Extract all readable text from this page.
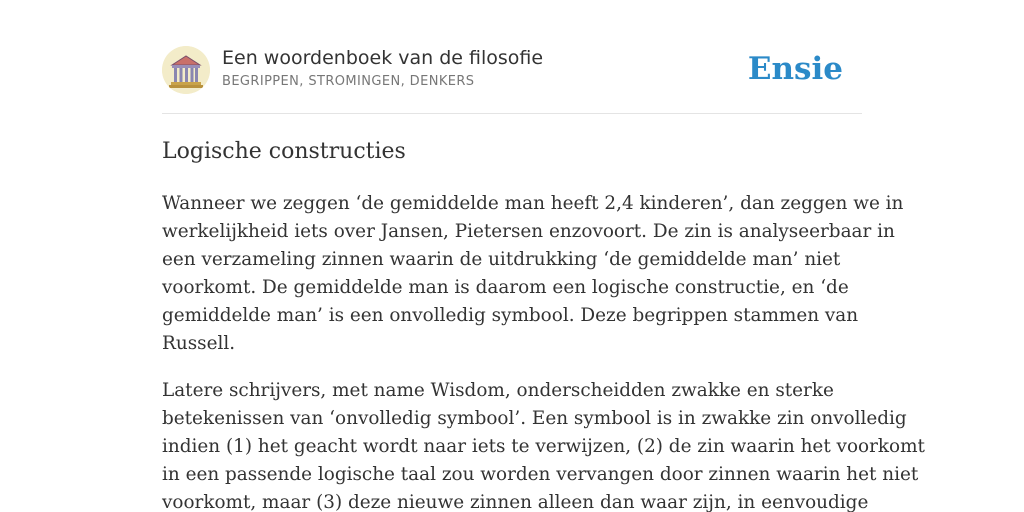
Een woordenboek van de filosofie
BEGRIPPEN, STROMINGEN, DENKERS	Ensie
Logische constructies

Wanneer we zeggen ‘de gemiddelde man heeft 2,4 kinderen’, dan zeggen we in
werkelijkheid iets over Jansen, Pietersen enzovoort. De zin is analyseerbaar in
een verzameling zinnen waarin de uitdrukking ‘de gemiddelde man’ niet
voorkomt. De gemiddelde man is daarom een logische constructie, en ‘de
gemiddelde man’ is een onvolledig symbool. Deze begrippen stammen van
Russell.

Latere schrijvers, met name Wisdom, onderscheidden zwakke en sterke
betekenissen van ‘onvolledig symbool’. Een symbool is in zwakke zin onvolledig
indien (1) het geacht wordt naar iets te verwijzen, (2) de zin waarin het voorkomt
in een passende logische taal zou worden vervangen door zinnen waarin het niet
voorkomt, maar (3) deze nieuwe zinnen alleen dan waar zijn, in eenvoudige
